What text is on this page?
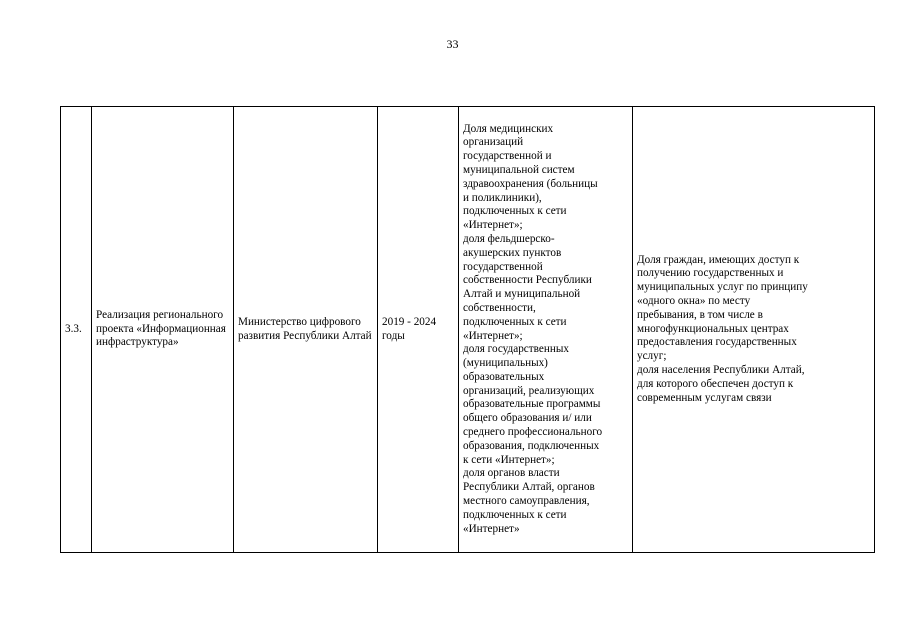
33
3.3.	Реализация регионального проекта «Информационная инфраструктура»	Министерство цифрового развития Республики Алтай	2019 - 2024 годы	Доля медицинских
организаций
государственной и
муниципальной систем
здравоохранения (больницы
и поликлиники),
подключенных к сети
«Интернет»;
доля фельдшерско-
акушерских пунктов
государственной
собственности Республики
Алтай и муниципальной
собственности,
подключенных к сети
«Интернет»;
доля государственных
(муниципальных)
образовательных
организаций, реализующих
образовательные программы
общего образования и/ или
среднего профессионального
образования, подключенных
к сети «Интернет»;
доля органов власти
Республики Алтай, органов
местного самоуправления,
подключенных к сети
«Интернет»	Доля граждан, имеющих доступ к
получению государственных и
муниципальных услуг по принципу
«одного окна» по месту
пребывания, в том числе в
многофункциональных центрах
предоставления государственных
услуг;
доля населения Республики Алтай,
для которого обеспечен доступ к
современным услугам связи
